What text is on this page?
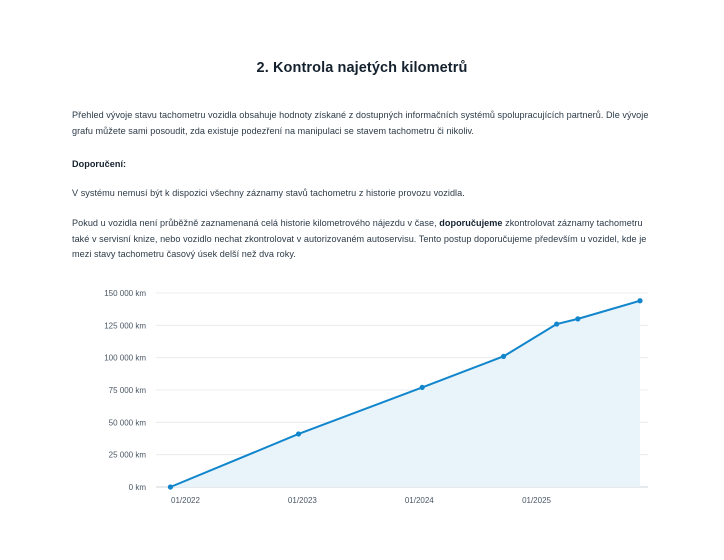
2. Kontrola najetých kilometrů

Přehled vývoje stavu tachometru vozidla obsahuje hodnoty získané z dostupných informačních systémů spolupracujících partnerů. Dle vývoje grafu můžete sami posoudit, zda existuje podezření na manipulaci se stavem tachometru či nikoliv.

Doporučení:

V systému nemusí být k dispozici všechny záznamy stavů tachometru z historie provozu vozidla.

Pokud u vozidla není průběžně zaznamenaná celá historie kilometrového nájezdu v čase, doporučujeme zkontrolovat záznamy tachometru také v servisní knize, nebo vozidlo nechat zkontrolovat v autorizovaném autoservisu. Tento postup doporučujeme především u vozidel, kde je mezi stavy tachometru časový úsek delší než dva roky.

0 km
25 000 km
50 000 km
75 000 km
100 000 km
125 000 km
150 000 km
01/2022	01/2023	01/2024	01/2025
